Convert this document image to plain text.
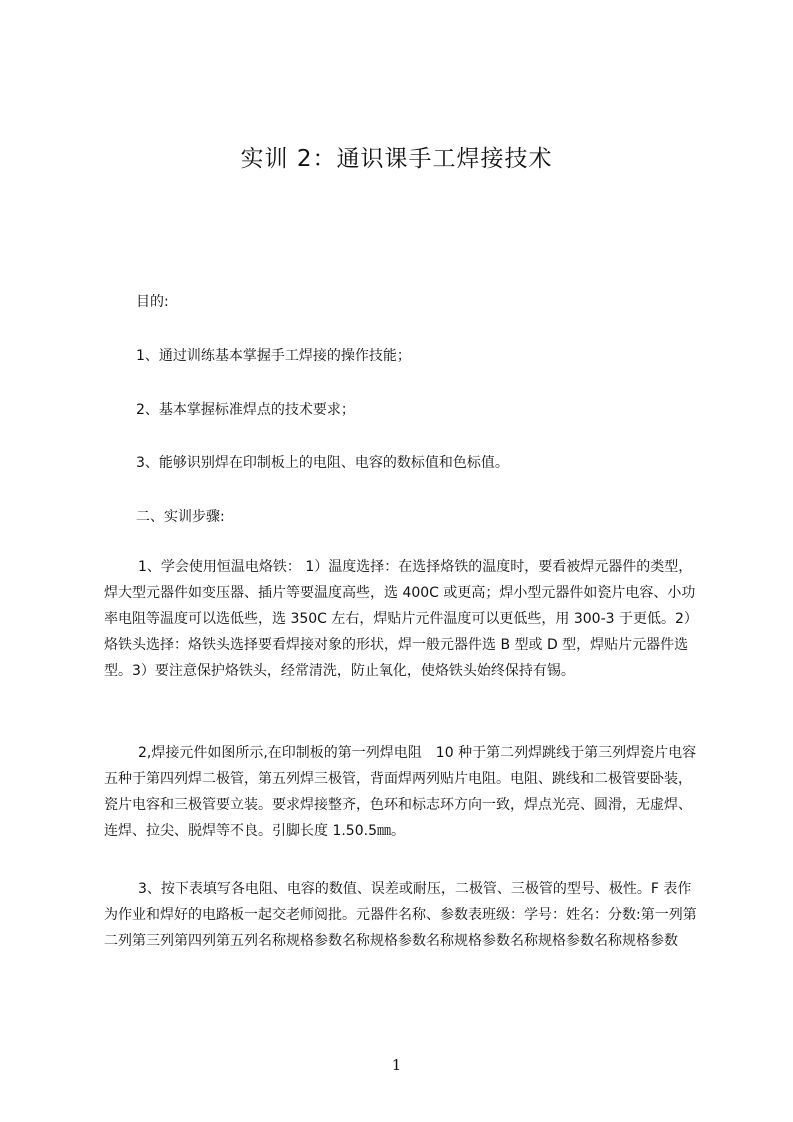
实训 2：通识课手工焊接技术
目的:
1、通过训练基本掌握手工焊接的操作技能；
2、基本掌握标准焊点的技术要求；
3、能够识别焊在印制板上的电阻、电容的数标值和色标值。
二、实训步骤:
1、学会使用恒温电烙铁： 1）温度选择：在选择烙铁的温度时，要看被焊元器件的类型，焊大型元器件如变压器、插片等要温度高些，选 400C 或更高；焊小型元器件如瓷片电容、小功率电阻等温度可以选低些，选 350C 左右，焊贴片元件温度可以更低些，用 300-3 于更低。2）烙铁头选择：烙铁头选择要看焊接对象的形状，焊一般元器件选 B 型或 D 型，焊贴片元器件选型。3）要注意保护烙铁头，经常清洗，防止氧化，使烙铁头始终保持有锡。
2,焊接元件如图所示,在印制板的第一列焊电阻　10 种于第二列焊跳线于第三列焊瓷片电容五种于第四列焊二极管，第五列焊三极管，背面焊两列贴片电阻。电阻、跳线和二极管要卧装，瓷片电容和三极管要立装。要求焊接整齐，色环和标志环方向一致，焊点光亮、圆滑，无虚焊、连焊、拉尖、脱焊等不良。引脚长度 1.50.5㎜。
3、按下表填写各电阻、电容的数值、误差或耐压，二极管、三极管的型号、极性。F 表作为作业和焊好的电路板一起交老师阅批。元器件名称、参数表班级：学号：姓名：分数:第一列第二列第三列第四列第五列名称规格参数名称规格参数名称规格参数名称规格参数名称规格参数
1
